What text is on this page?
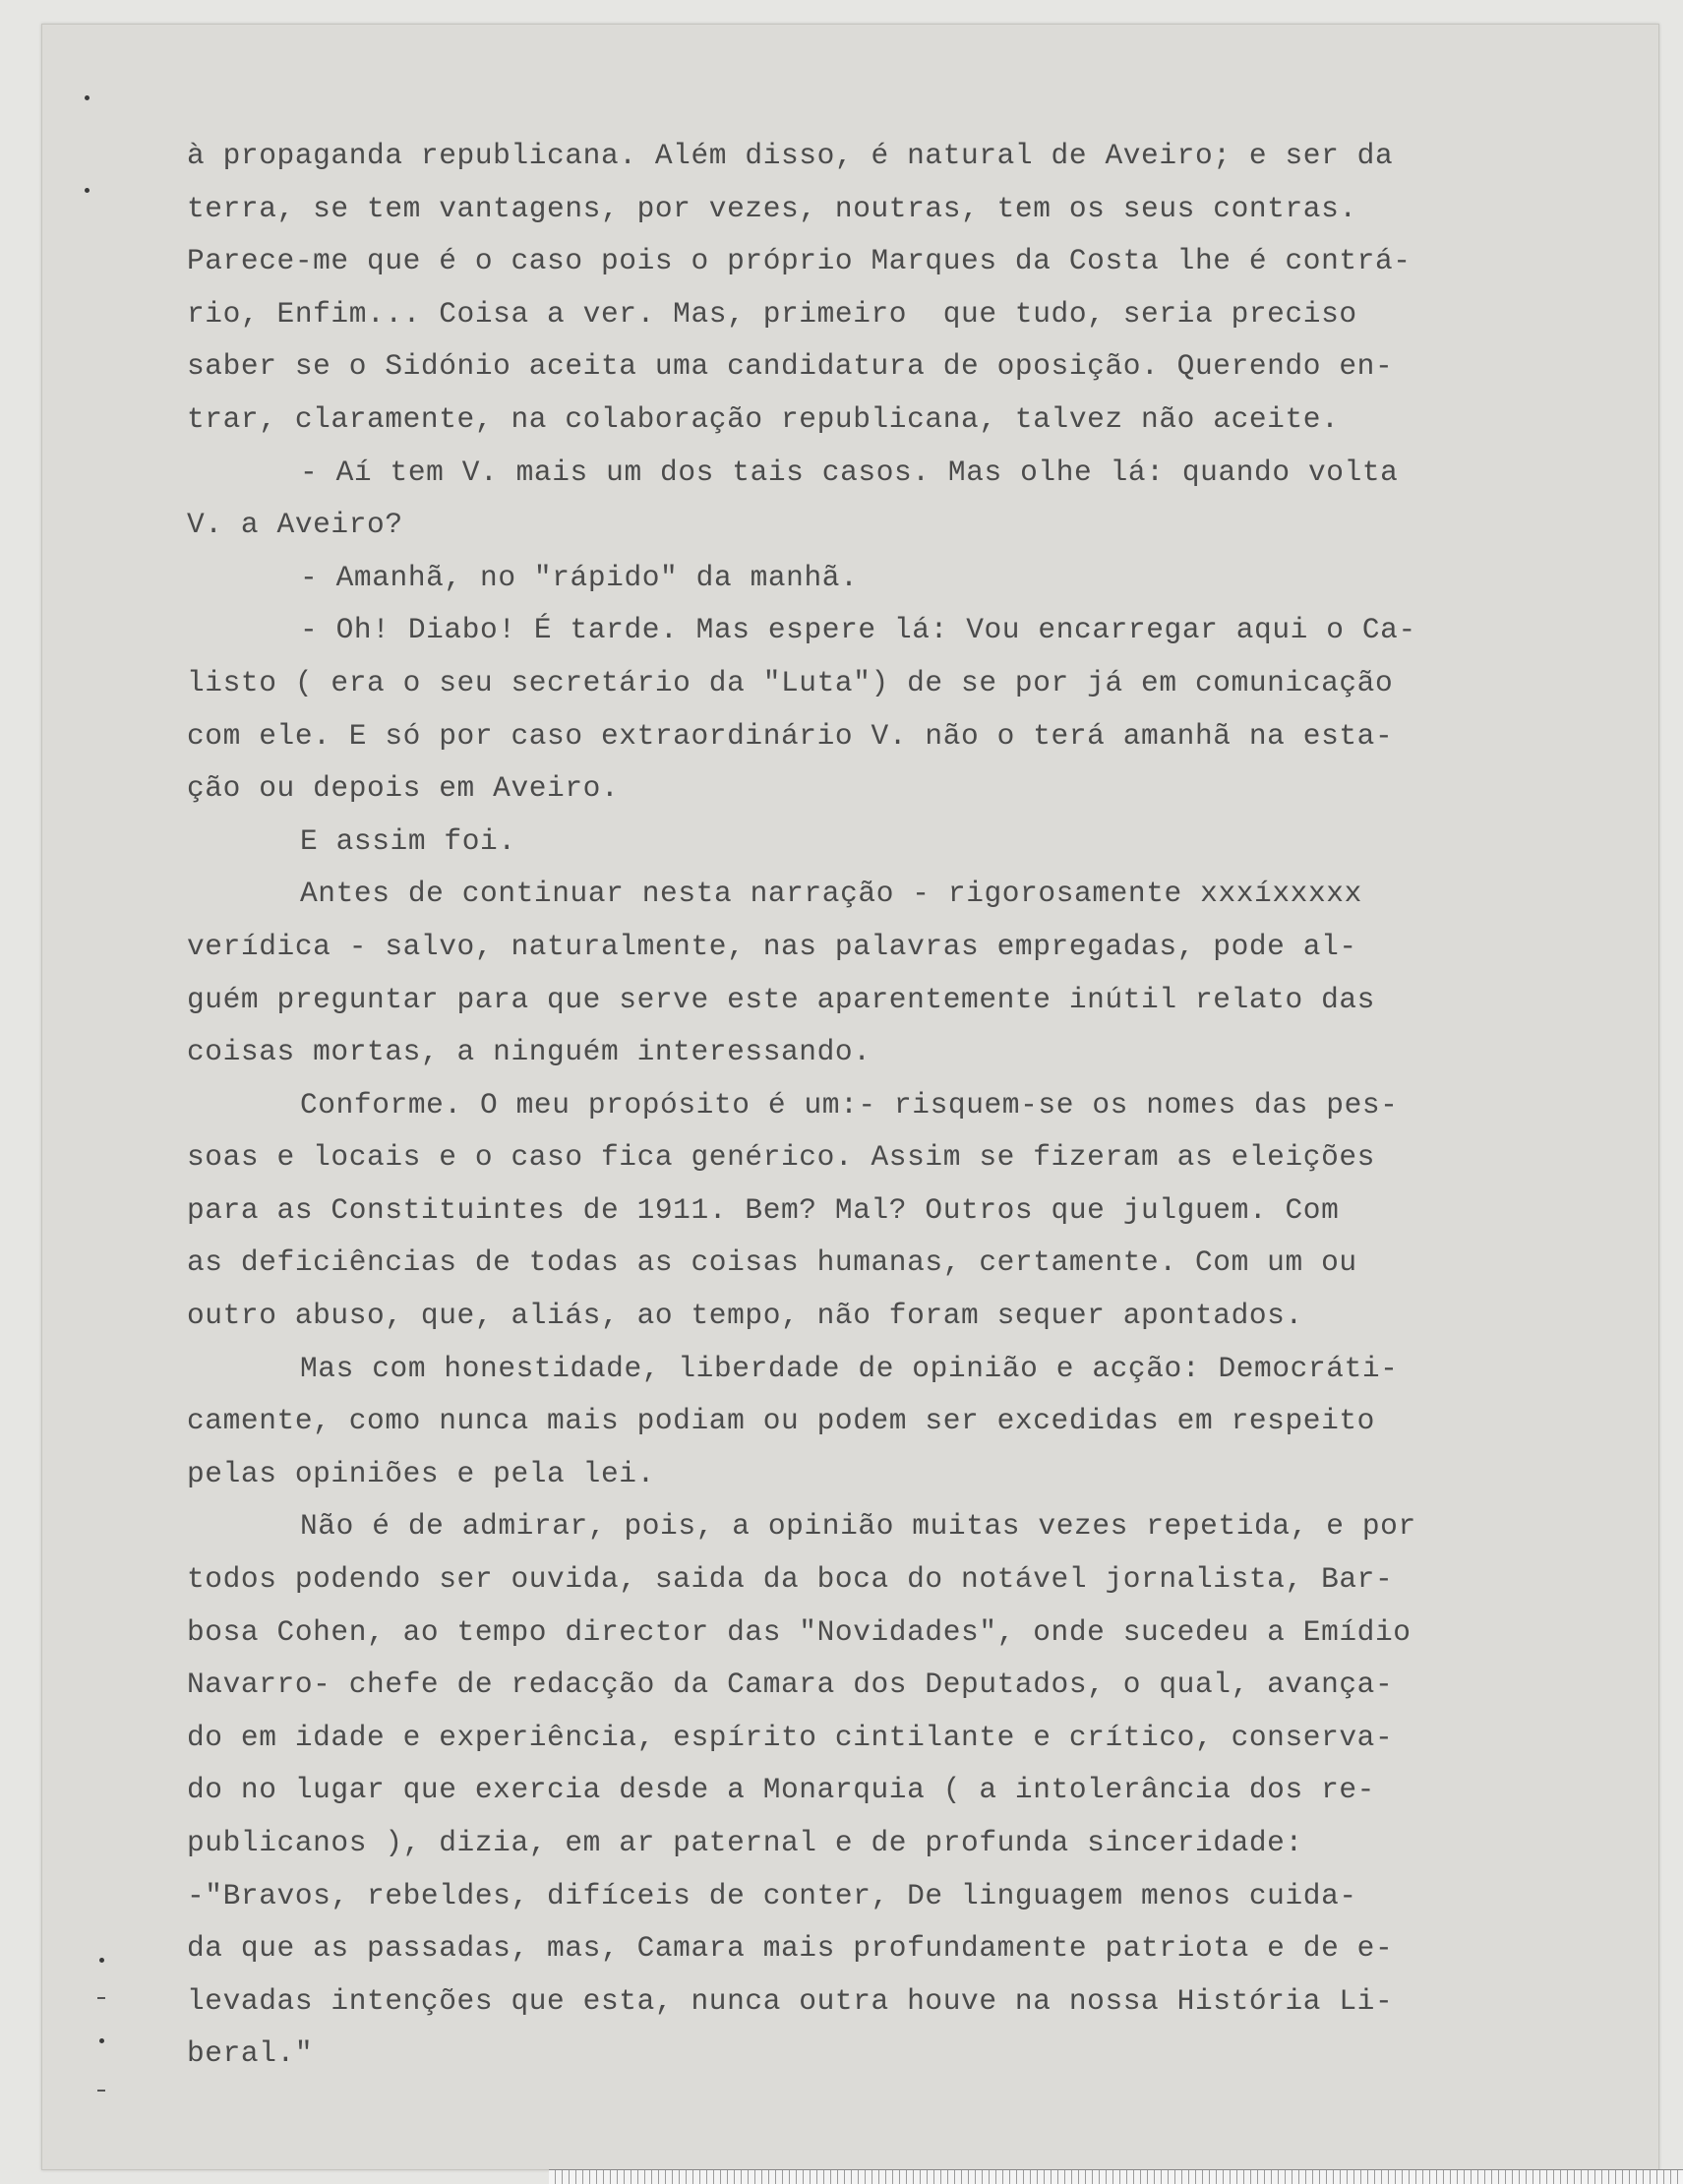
à propaganda republicana. Além disso, é natural de Aveiro; e ser da
terra, se tem vantagens, por vezes, noutras, tem os seus contras.
Parece-me que é o caso pois o próprio Marques da Costa lhe é contrá-
rio, Enfim... Coisa a ver. Mas, primeiro  que tudo, seria preciso
saber se o Sidónio aceita uma candidatura de oposição. Querendo en-
trar, claramente, na colaboração republicana, talvez não aceite.
- Aí tem V. mais um dos tais casos. Mas olhe lá: quando volta
V. a Aveiro?
- Amanhã, no "rápido" da manhã.
- Oh! Diabo! É tarde. Mas espere lá: Vou encarregar aqui o Ca-
listo ( era o seu secretário da "Luta") de se por já em comunicação
com ele. E só por caso extraordinário V. não o terá amanhã na esta-
ção ou depois em Aveiro.
E assim foi.
Antes de continuar nesta narração - rigorosamente xxxíxxxxx
verídica - salvo, naturalmente, nas palavras empregadas, pode al-
guém preguntar para que serve este aparentemente inútil relato das
coisas mortas, a ninguém interessando.
Conforme. O meu propósito é um:- risquem-se os nomes das pes-
soas e locais e o caso fica genérico. Assim se fizeram as eleições
para as Constituintes de 1911. Bem? Mal? Outros que julguem. Com
as deficiências de todas as coisas humanas, certamente. Com um ou
outro abuso, que, aliás, ao tempo, não foram sequer apontados.
Mas com honestidade, liberdade de opinião e acção: Democráti-
camente, como nunca mais podiam ou podem ser excedidas em respeito
pelas opiniões e pela lei.
Não é de admirar, pois, a opinião muitas vezes repetida, e por
todos podendo ser ouvida, saida da boca do notável jornalista, Bar-
bosa Cohen, ao tempo director das "Novidades", onde sucedeu a Emídio
Navarro- chefe de redacção da Camara dos Deputados, o qual, avança-
do em idade e experiência, espírito cintilante e crítico, conserva-
do no lugar que exercia desde a Monarquia ( a intolerância dos re-
publicanos ), dizia, em ar paternal e de profunda sinceridade:
-"Bravos, rebeldes, difíceis de conter, De linguagem menos cuida-
da que as passadas, mas, Camara mais profundamente patriota e de e-
levadas intenções que esta, nunca outra houve na nossa História Li-
beral."
